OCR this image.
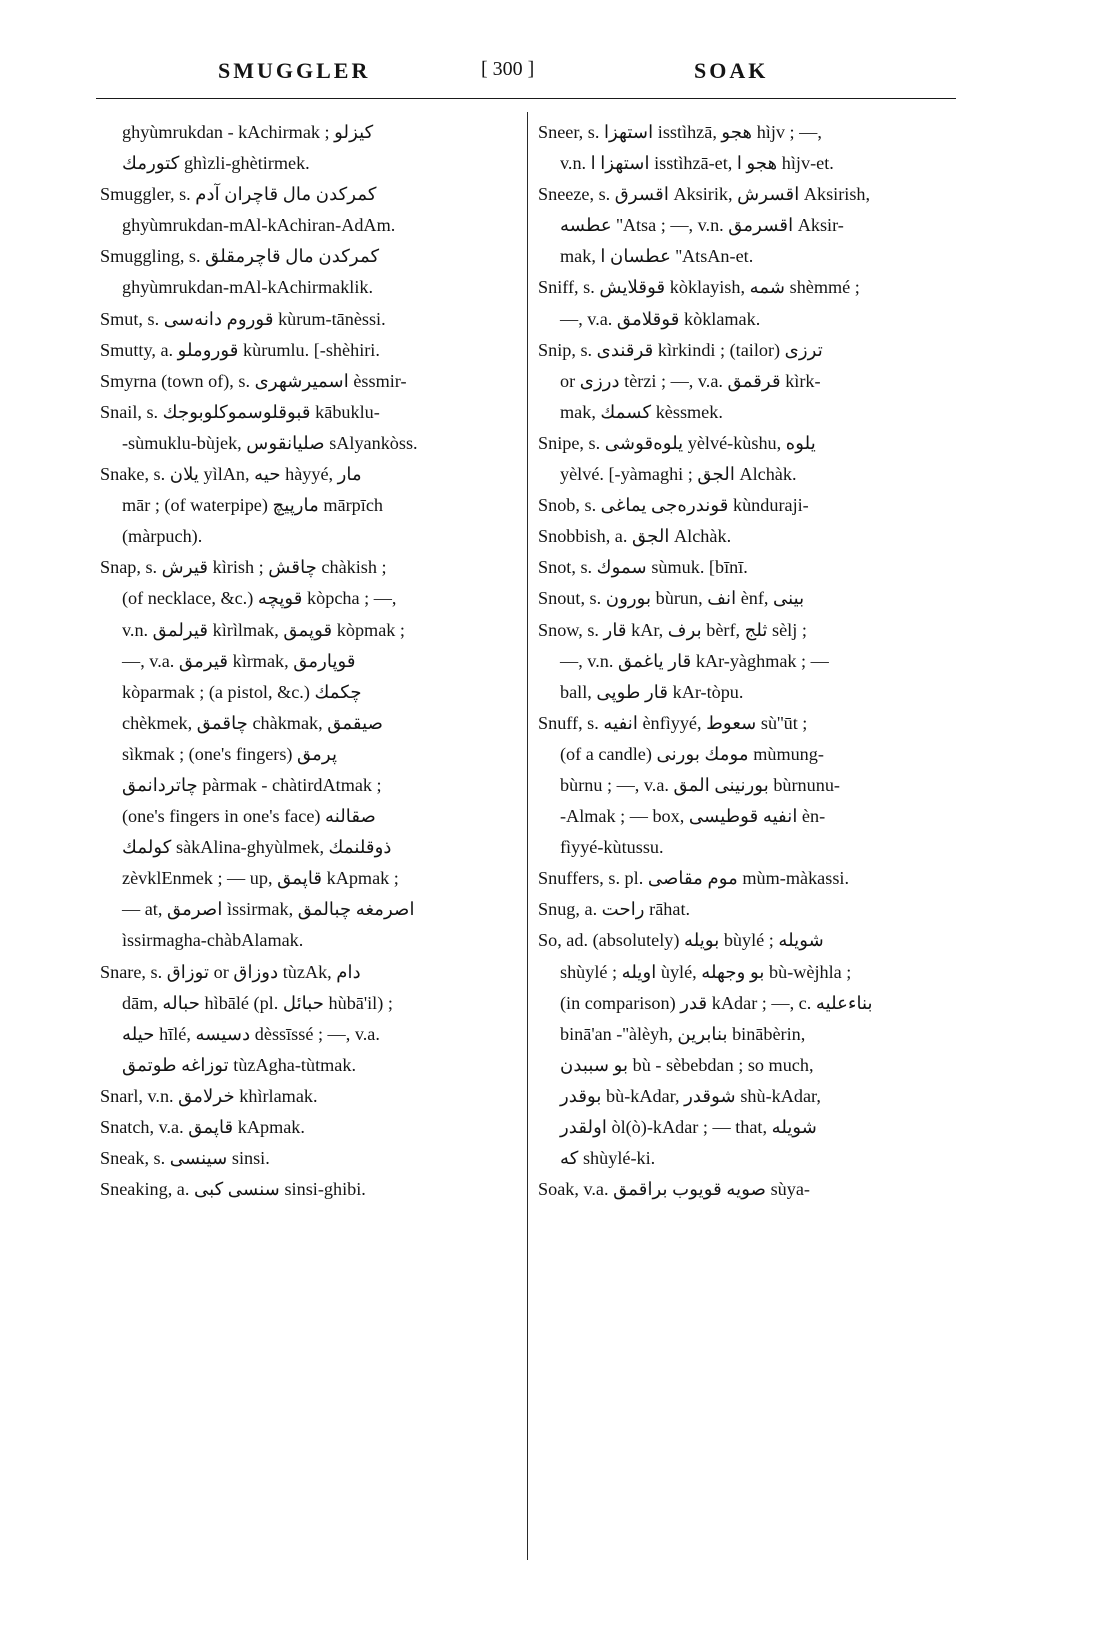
SMUGGLER	[ 300 ]	SOAK
ghyùmrukdan - kAchirmak ; کیزلو
کتورمك ghìzli-ghètirmek.
Smuggler, s. کمرکدن مال قاچران آدم
ghyùmrukdan-mAl-kAchiran-AdAm.
Smuggling, s. کمرکدن مال قاچرمقلق
ghyùmrukdan-mAl-kAchirmaklik.
Smut, s. قوروم دانه‌سی kùrum-tānèssi.
Smutty, a. قوروملو kùrumlu. [-shèhiri.
Smyrna (town of), s. اسمیرشهری èssmir-
Snail, s. قبوقلوسموکلوبوجك kābuklu-
-sùmuklu-bùjek, صلیانقوس sAlyankòss.
Snake, s. یلان yìlAn, حیه hàyyé, مار
mār ; (of waterpipe) مارپیچ mārpīch
(màrpuch).
Snap, s. قیرش kìrish ; چاقش chàkish ;
(of necklace, &c.) قوپچه kòpcha ; —,
v.n. قیرلمق kìrìlmak, قوپمق kòpmak ;
—, v.a. قیرمق kìrmak, قوپارمق
kòparmak ; (a pistol, &c.) چکمك
chèkmek, چاقمق chàkmak, صیقمق
sìkmak ; (one's fingers) پرمق
چاتردانمق pàrmak - chàtirdAtmak ;
(one's fingers in one's face) صقالنه
کولمك sàkAlina-ghyùlmek, ذوقلنمك
zèvklEnmek ; — up, قاپمق kApmak ;
— at, اصرمق ìssirmak, اصرمغه چبالمق
ìssirmagha-chàbAlamak.
Snare, s. توزاق or دوزاق tùzAk, دام
dām, حباله hìbālé (pl. حبائل hùbā'il) ;
حیله hīlé, دسیسه dèssīssé ; —, v.a.
توزاغه طوتمق tùzAgha-tùtmak.
Snarl, v.n. خرلامق khìrlamak.
Snatch, v.a. قاپمق kApmak.
Sneak, s. سینسی sinsi.
Sneaking, a. سنسی کبی sinsi-ghibi.
Sneer, s. استهزا isstìhzā, هجو hìjv ; —,
v.n. استهزا ا isstìhzā-et, هجو ا hìjv-et.
Sneeze, s. اقسرق Aksirik, اقسرش Aksirish,
عطسه ''Atsa ; —, v.n. اقسرمق Aksir-
mak, عطسان ا ''AtsAn-et.
Sniff, s. قوقلایش kòklayish, شمه shèmmé ;
—, v.a. قوقلامق kòklamak.
Snip, s. قرقندی kìrkindi ; (tailor) ترزی
or درزی tèrzi ; —, v.a. قرقمق kìrk-
mak, کسمك kèssmek.
Snipe, s. یلوه‌قوشی yèlvé-kùshu, یلوه
yèlvé. [-yàmaghi ; الجق Alchàk.
Snob, s. قوندره‌جی یماغی kùnduraji-
Snobbish, a. الجق Alchàk.
Snot, s. سموك sùmuk. [bīnī.
Snout, s. بورون bùrun, انف ènf, بینی
Snow, s. قار kAr, برف bèrf, ثلج sèlj ;
—, v.n. قار یاغمق kAr-yàghmak ; —
ball, قار طوپی kAr-tòpu.
Snuff, s. انفیه ènfìyyé, سعوط sù''ūt ;
(of a candle) مومك بورنی mùmung-
bùrnu ; —, v.a. بورنینی المق bùrnunu-
-Almak ; — box, انفیه قوطیسی èn-
fìyyé-kùtussu.
Snuffers, s. pl. موم مقاصی mùm-màkassi.
Snug, a. راحت rāhat.
So, ad. (absolutely) بویله bùylé ; شویله
shùylé ; اویله ùylé, بو وجهله bù-wèjhla ;
(in comparison) قدر kAdar ; —, c. بناءعلیه
binā'an -''àlèyh, بنابرین binābèrin,
بو سببدن bù - sèbebdan ; so much,
بوقدر bù-kAdar, شوقدر shù-kAdar,
اولقدر òl(ò)-kAdar ; — that, شویله
که shùylé-ki.
Soak, v.a. صویه قویوب براقمق sùya-
